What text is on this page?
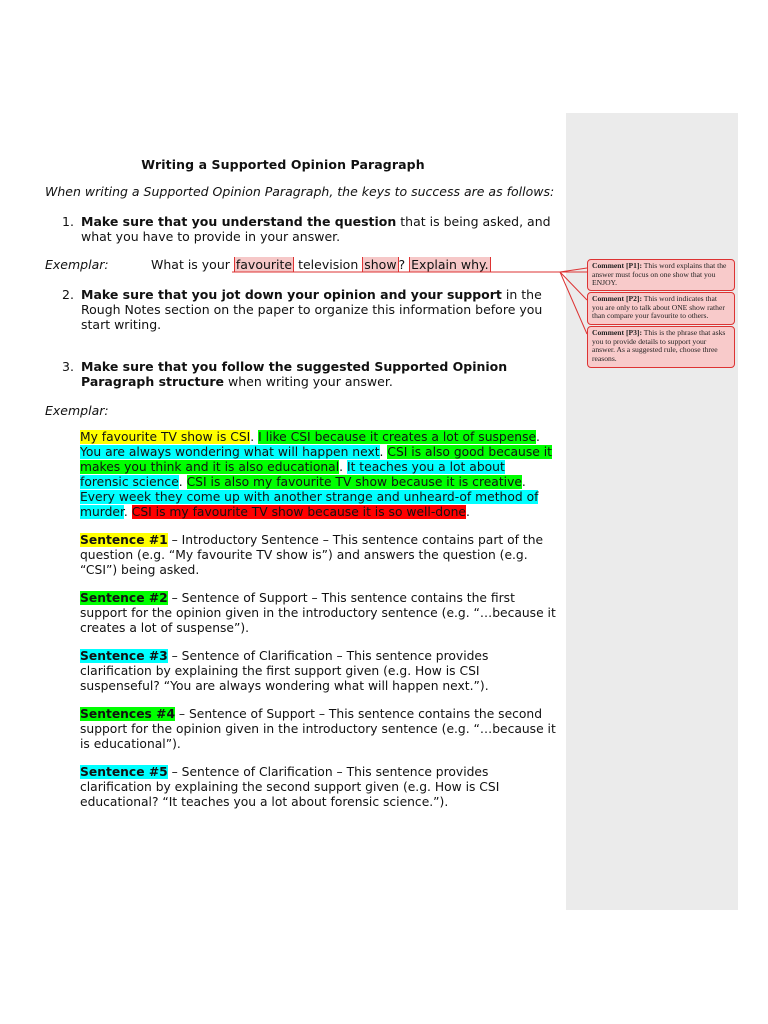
Writing a Supported Opinion Paragraph
When writing a Supported Opinion Paragraph, the keys to success are as follows:
1. Make sure that you understand the question that is being asked, and what you have to provide in your answer.
Exemplar:	What is your favourite television show ? Explain why.
2. Make sure that you jot down your opinion and your support in the Rough Notes section on the paper to organize this information before you start writing.
3. Make sure that you follow the suggested Supported Opinion Paragraph structure when writing your answer.
Exemplar:
My favourite TV show is CSI. I like CSI because it creates a lot of suspense. You are always wondering what will happen next. CSI is also good because it makes you think and it is also educational. It teaches you a lot about forensic science. CSI is also my favourite TV show because it is creative. Every week they come up with another strange and unheard-of method of murder. CSI is my favourite TV show because it is so well-done.
Sentence #1 – Introductory Sentence – This sentence contains part of the question (e.g. “My favourite TV show is”) and answers the question (e.g. “CSI”) being asked.
Sentence #2 – Sentence of Support – This sentence contains the first support for the opinion given in the introductory sentence (e.g. “…because it creates a lot of suspense”).
Sentence #3 – Sentence of Clarification – This sentence provides clarification by explaining the first support given (e.g. How is CSI suspenseful? “You are always wondering what will happen next.”).
Sentences #4 – Sentence of Support – This sentence contains the second support for the opinion given in the introductory sentence (e.g. “…because it is educational”).
Sentence #5 – Sentence of Clarification – This sentence provides clarification by explaining the second support given (e.g. How is CSI educational? “It teaches you a lot about forensic science.”).
Comment [P1]: This word explains that the answer must focus on one show that you ENJOY.
Comment [P2]: This word indicates that you are only to talk about ONE show rather than compare your favourite to others.
Comment [P3]: This is the phrase that asks you to provide details to support your answer. As a suggested rule, choose three reasons.
